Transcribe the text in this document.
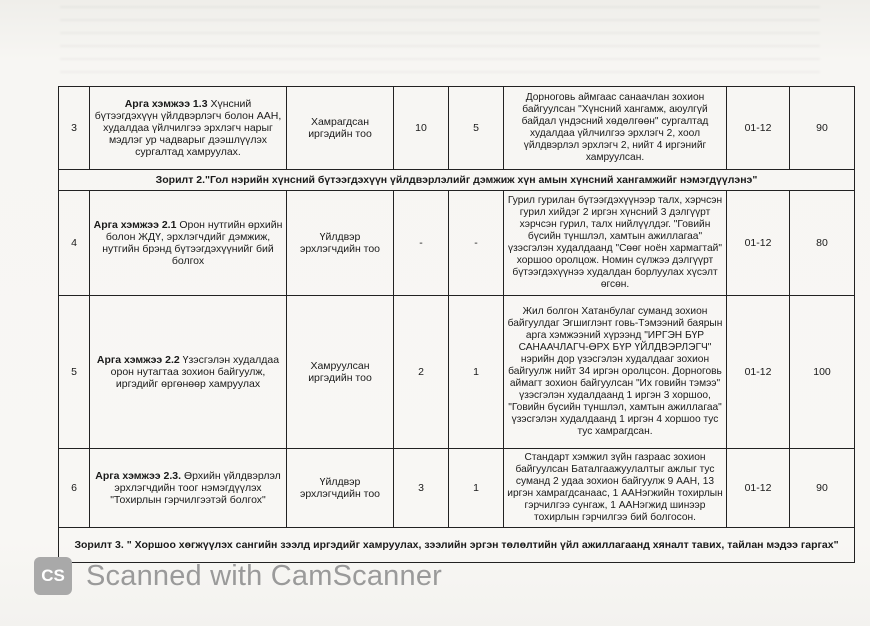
3	Арга хэмжээ 1.3 Хүнсний бүтээгдэхүүн үйлдвэрлэгч болон ААН, худалдаа үйлчилгээ эрхлэгч нарыг мэдлэг ур чадварыг дээшлүүлэх сургалтад хамруулах.	Хамрагдсан иргэдийн тоо	10	5	Дорноговь аймгаас санаачлан зохион байгуулсан "Хүнсний хангамж, аюулгүй байдал үндэсний хөдөлгөөн" сургалтад худалдаа үйлчилгээ эрхлэгч 2, хоол үйлдвэрлэл эрхлэгч 2, нийт 4 иргэнийг хамруулсан.	01-12	90
Зорилт 2."Гол нэрийн хүнсний бүтээгдэхүүн үйлдвэрлэлийг дэмжиж хүн амын хүнсний хангамжийг нэмэгдүүлэнэ"							
4	Арга хэмжээ 2.1 Орон нутгийн өрхийн болон ЖДҮ, эрхлэгчдийг дэмжиж, нутгийн брэнд бүтээгдэхүүнийг бий болгох	Үйлдвэр эрхлэгчдийн тоо	-	-	Гурил гурилан бүтээгдэхүүнээр талх, хэрчсэн гурил хийдэг 2 иргэн хүнсний 3 дэлгүүрт хэрчсэн гурил, талх нийлүүлдэг. "Говийн бүсийн түншлэл, хамтын ажиллагаа" үзэсгэлэн худалдаанд "Сөөг ноён хармагтай" хоршоо оролцож. Номин сүлжээ дэлгүүрт бүтээгдэхүүнээ худалдан борлуулах хүсэлт өгсөн.	01-12	80
5	Арга хэмжээ 2.2 Үзэсгэлэн худалдаа орон нутагтаа зохион байгуулж, иргэдийг өргөнөөр хамруулах	Хамруулсан иргэдийн тоо	2	1	Жил болгон Хатанбулаг суманд зохион байгуулдаг Эгшиглэнт говь-Тэмээний баярын арга хэмжээний хүрээнд "ИРГЭН БҮР САНААЧЛАГЧ-ӨРХ БҮР ҮЙЛДВЭРЛЭГЧ" нэрийн дор үзэсгэлэн худалдааг зохион байгуулж нийт 34 иргэн оролцсон. Дорноговь аймагт зохион байгуулсан "Их говийн тэмээ" үзэсгэлэн худалдаанд 1 иргэн 3 хоршоо, "Говийн бүсийн түншлэл, хамтын ажиллагаа" үзэсгэлэн худалдаанд 1 иргэн 4 хоршоо тус тус хамрагдсан.	01-12	100
6	Арга хэмжээ 2.3. Өрхийн үйлдвэрлэл эрхлэгчдийн тоог нэмэгдүүлэх "Тохирлын гэрчилгээтэй болгох"	Үйлдвэр эрхлэгчдийн тоо	3	1	Стандарт хэмжил зүйн газраас зохион байгуулсан Баталгаажуулалтыг ажлыг тус суманд 2 удаа зохион байгуулж 9 ААН, 13 иргэн хамрагдсанаас, 1 ААНэгжийн тохирлын гэрчилгээ сунгаж, 1 ААНэгжид шинээр тохирлын гэрчилгээ бий болгосон.	01-12	90
Зорилт 3. " Хоршоо хөгжүүлэх сангийн зээлд иргэдийг хамруулах, зээлийн эргэн төлөлтийн үйл ажиллагаанд хяналт тавих, тайлан мэдээ гаргах"							
CS Scanned with CamScanner
